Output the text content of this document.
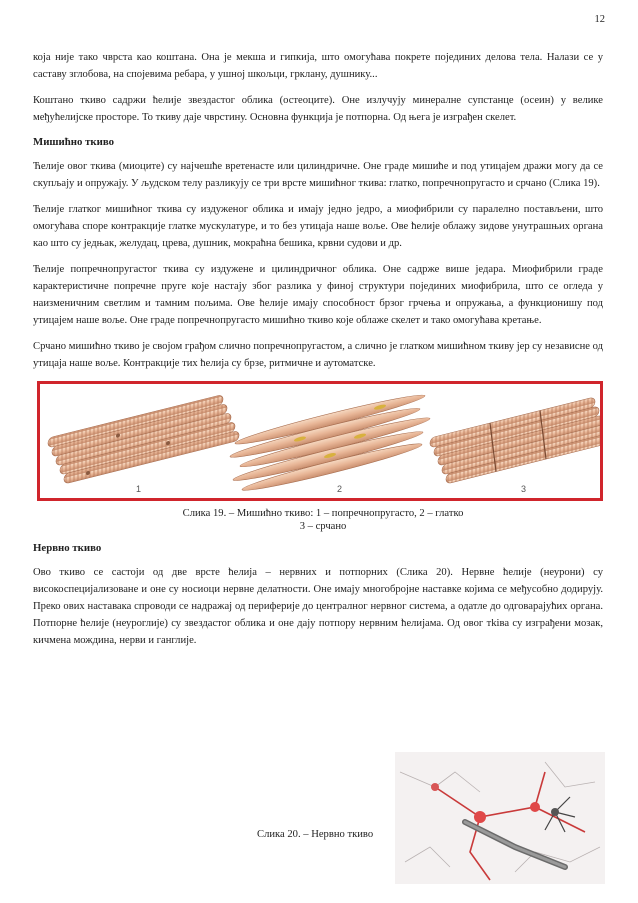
12

која није тако чврста као коштана. Она је мекша и гипкија, што омогућава покрете појединих делова тела. Налази се у саставу зглобова, на спојевима ребара, у ушној шкољци, грклану, душнику...

Коштано ткиво садржи ћелије звездастог облика (остеоците). Оне излучују минералне супстанце (осеин) у велике међућелијске просторе. То ткиву даје чврстину. Основна функција је потпорна. Од њега је изграђен скелет.

Мишићно ткиво

Ћелије овог ткива (миоците) су најчешће вретенасте или цилиндричне. Оне граде мишиће и под утицајем дражи могу да се скупљају и опружају. У људском телу разликују се три врсте мишићног ткива: глатко, попречнопругасто и срчано (Слика 19).

Ћелије глатког мишићног ткива су издуженог облика и имају једно једро, а миофибрили су паралелно постављени, што омогућава споре контракције глатке мускулатуре, и то без утицаја наше воље. Ове ћелије облажу зидове унутрашњих органа као што су једњак, желудац, црева, душник, мокраћна бешика, крвни судови и др.

Ћелије попречнопругастог ткива су издужене и цилиндричног облика. Оне садрже више једара. Миофибрили граде карактеристичне попречне пруге које настају због разлика у финој структури појединих миофибрила, што се огледа у наизменичним светлим и тамним пољима. Ове ћелије имају способност брзог грчења и опружања, а функционишу под утицајем наше воље. Оне граде попречнопругасто мишићно ткиво које облаже скелет и тако омогућава кретање.

Срчано мишићно ткиво је својом грађом слично попречнопругастом, а слично је глатком мишићном ткиву јер су независне од утицаја наше воље. Контракције тих ћелија су брзе, ритмичне и аутоматске.

1	2	3
Слика 19. – Мишићно ткиво: 1 – попречнопругасто, 2 – глатко
3 – срчано
Нервно ткиво

Ово ткиво се састоји од две врсте ћелија – нервних и потпорних (Слика 20). Нервне ћелије (неурони) су високоспецијализоване и оне су носиоци нервне делатности. Оне имају многобројне наставке којима се међусобно додирују. Преко ових наставака спроводи се надражај од периферије до централног нервног система, а одатле до одговарајућих органа. Потпорне ћелије (неуроглије) су звездастог облика и оне дају потпору нервним ћелијама. Од овог тkiва су изграђени мозак, кичмена мождина, нерви и ганглије.

Слика 20. – Нервно ткиво
